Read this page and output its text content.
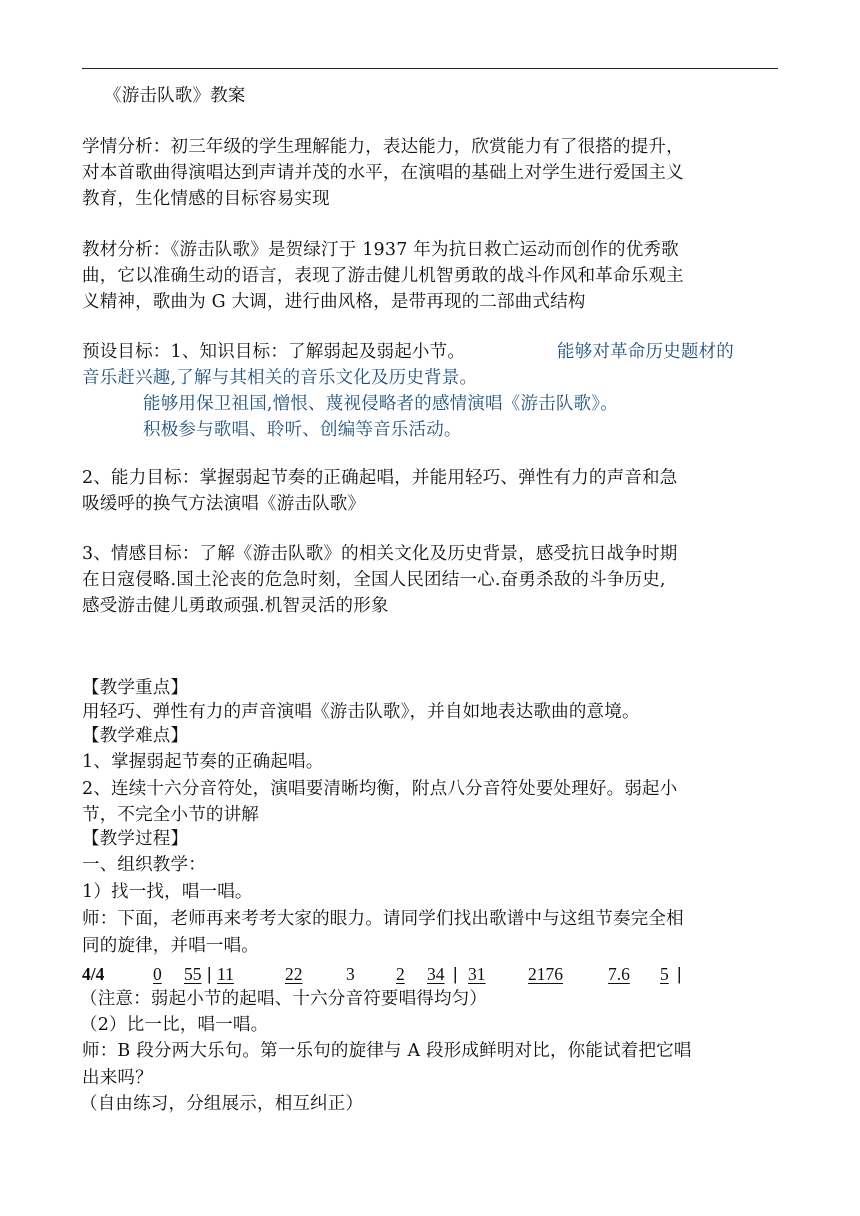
《游击队歌》教案
学情分析：初三年级的学生理解能力，表达能力，欣赏能力有了很搭的提升，
对本首歌曲得演唱达到声请并茂的水平，在演唱的基础上对学生进行爱国主义
教育，生化情感的目标容易实现
教材分析：《游击队歌》是贺绿汀于 1937 年为抗日救亡运动而创作的优秀歌
曲，它以准确生动的语言，表现了游击健儿机智勇敢的战斗作风和革命乐观主
义精神，歌曲为 G 大调，进行曲风格，是带再现的二部曲式结构
预设目标：1、知识目标：了解弱起及弱起小节。	能够对革命历史题材的
音乐赶兴趣,了解与其相关的音乐文化及历史背景。
能够用保卫祖国,憎恨、蔑视侵略者的感情演唱《游击队歌》。
积极参与歌唱、聆听、创编等音乐活动。
2、能力目标：掌握弱起节奏的正确起唱，并能用轻巧、弹性有力的声音和急
吸缓呼的换气方法演唱《游击队歌》
3、情感目标：了解《游击队歌》的相关文化及历史背景，感受抗日战争时期
在日寇侵略.国土沦丧的危急时刻，全国人民团结一心.奋勇杀敌的斗争历史,
感受游击健儿勇敢顽强.机智灵活的形象
【教学重点】
用轻巧、弹性有力的声音演唱《游击队歌》，并自如地表达歌曲的意境。
【教学难点】
1、掌握弱起节奏的正确起唱。
2、连续十六分音符处，演唱要清晰均衡，附点八分音符处要处理好。弱起小
节，不完全小节的讲解
【教学过程】
一、组织教学：
1）找一找，唱一唱。
师：下面，老师再来考考大家的眼力。请同学们找出歌谱中与这组节奏完全相
同的旋律，并唱一唱。
4/4	0 55 | 11	22 3 2 34 | 31 2176	7.6 5 |
（注意：弱起小节的起唱、十六分音符要唱得均匀）
（2）比一比，唱一唱。
师：B 段分两大乐句。第一乐句的旋律与 A 段形成鲜明对比，你能试着把它唱
出来吗？
（自由练习，分组展示，相互纠正）
